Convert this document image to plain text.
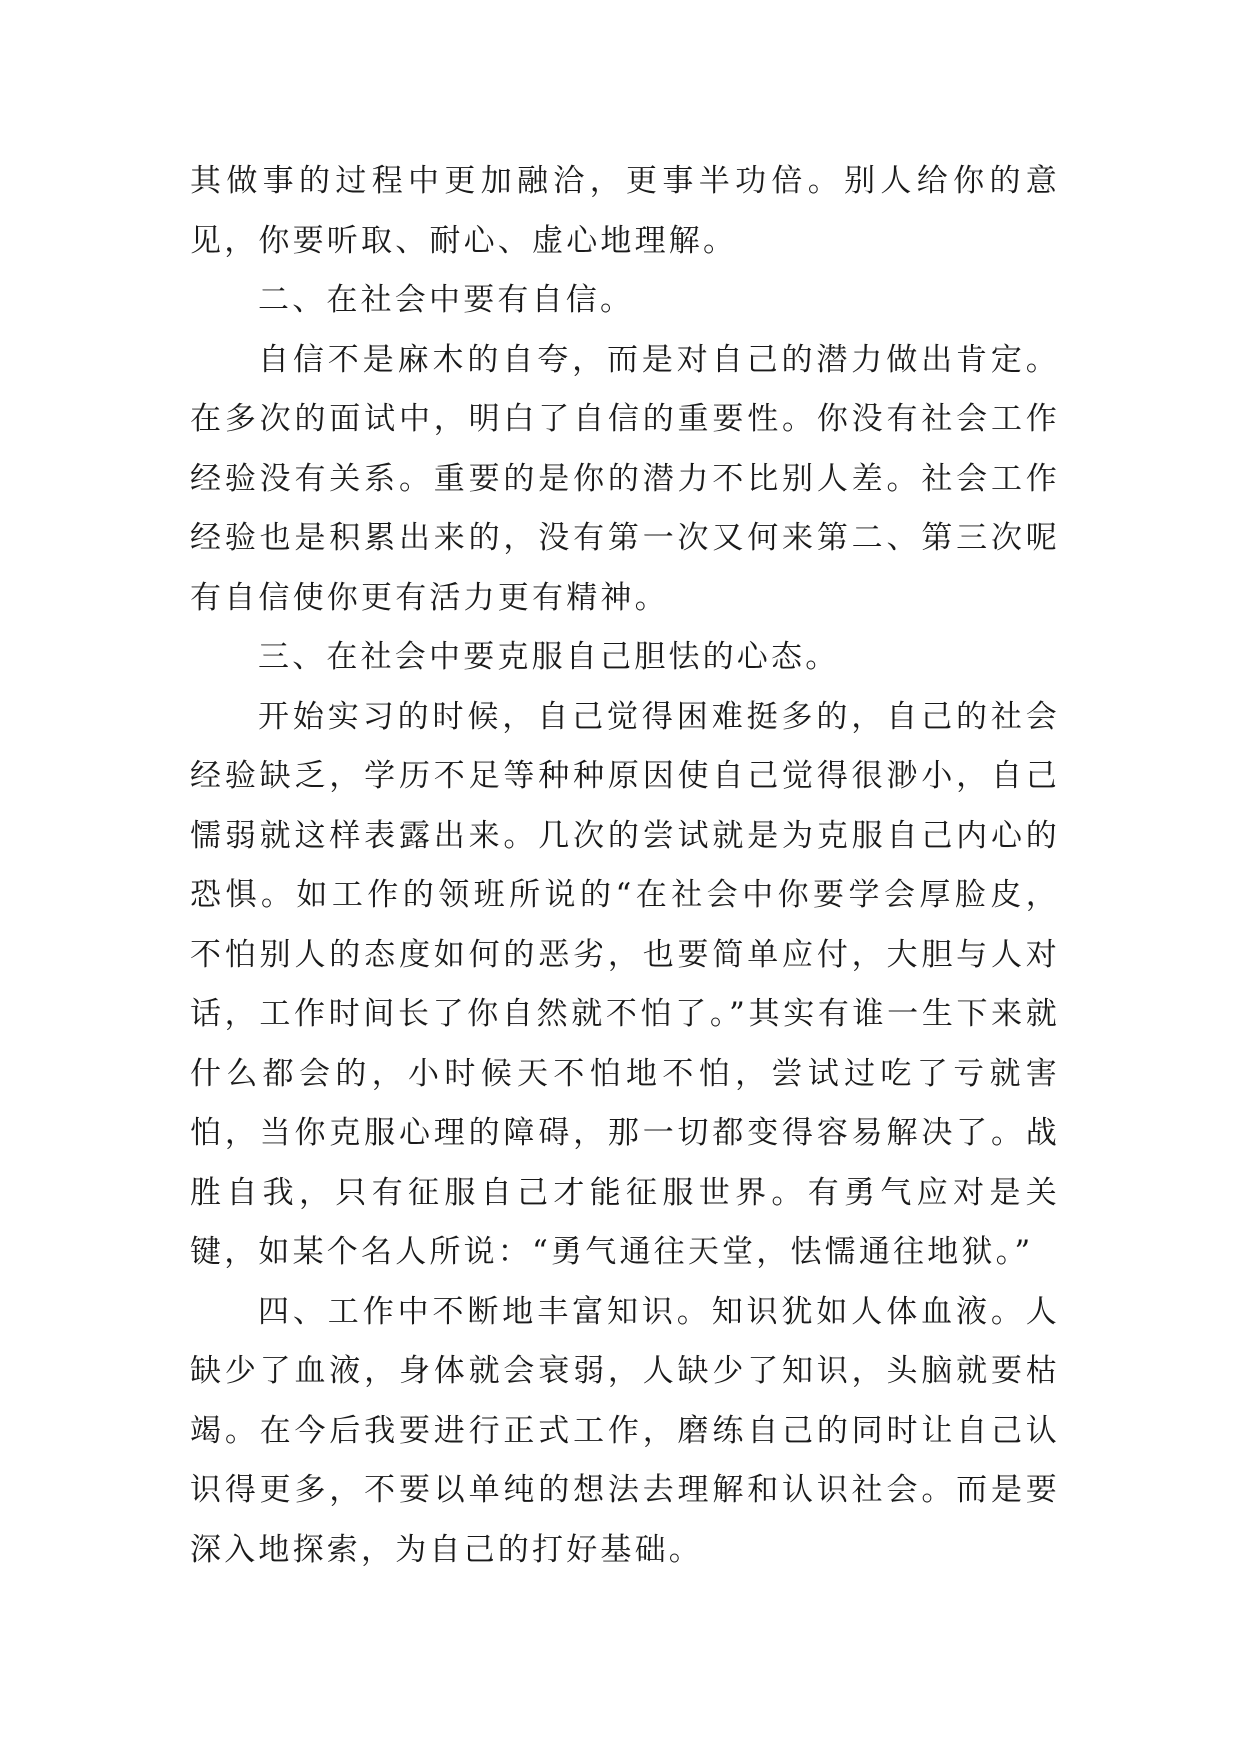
其做事的过程中更加融洽，更事半功倍。别人给你的意见，你要听取、耐心、虚心地理解。

二、在社会中要有自信。

自信不是麻木的自夸，而是对自己的潜力做出肯定。在多次的面试中，明白了自信的重要性。你没有社会工作经验没有关系。重要的是你的潜力不比别人差。社会工作经验也是积累出来的，没有第一次又何来第二、第三次呢有自信使你更有活力更有精神。

三、在社会中要克服自己胆怯的心态。

开始实习的时候，自己觉得困难挺多的，自己的社会经验缺乏，学历不足等种种原因使自己觉得很渺小，自己懦弱就这样表露出来。几次的尝试就是为克服自己内心的恐惧。如工作的领班所说的“在社会中你要学会厚脸皮，不怕别人的态度如何的恶劣，也要简单应付，大胆与人对话，工作时间长了你自然就不怕了。”其实有谁一生下来就什么都会的，小时候天不怕地不怕，尝试过吃了亏就害怕，当你克服心理的障碍，那一切都变得容易解决了。战胜自我，只有征服自己才能征服世界。有勇气应对是关键，如某个名人所说：“勇气通往天堂，怯懦通往地狱。”

四、工作中不断地丰富知识。知识犹如人体血液。人缺少了血液，身体就会衰弱，人缺少了知识，头脑就要枯竭。在今后我要进行正式工作，磨练自己的同时让自己认识得更多，不要以单纯的想法去理解和认识社会。而是要深入地探索，为自己的打好基础。
